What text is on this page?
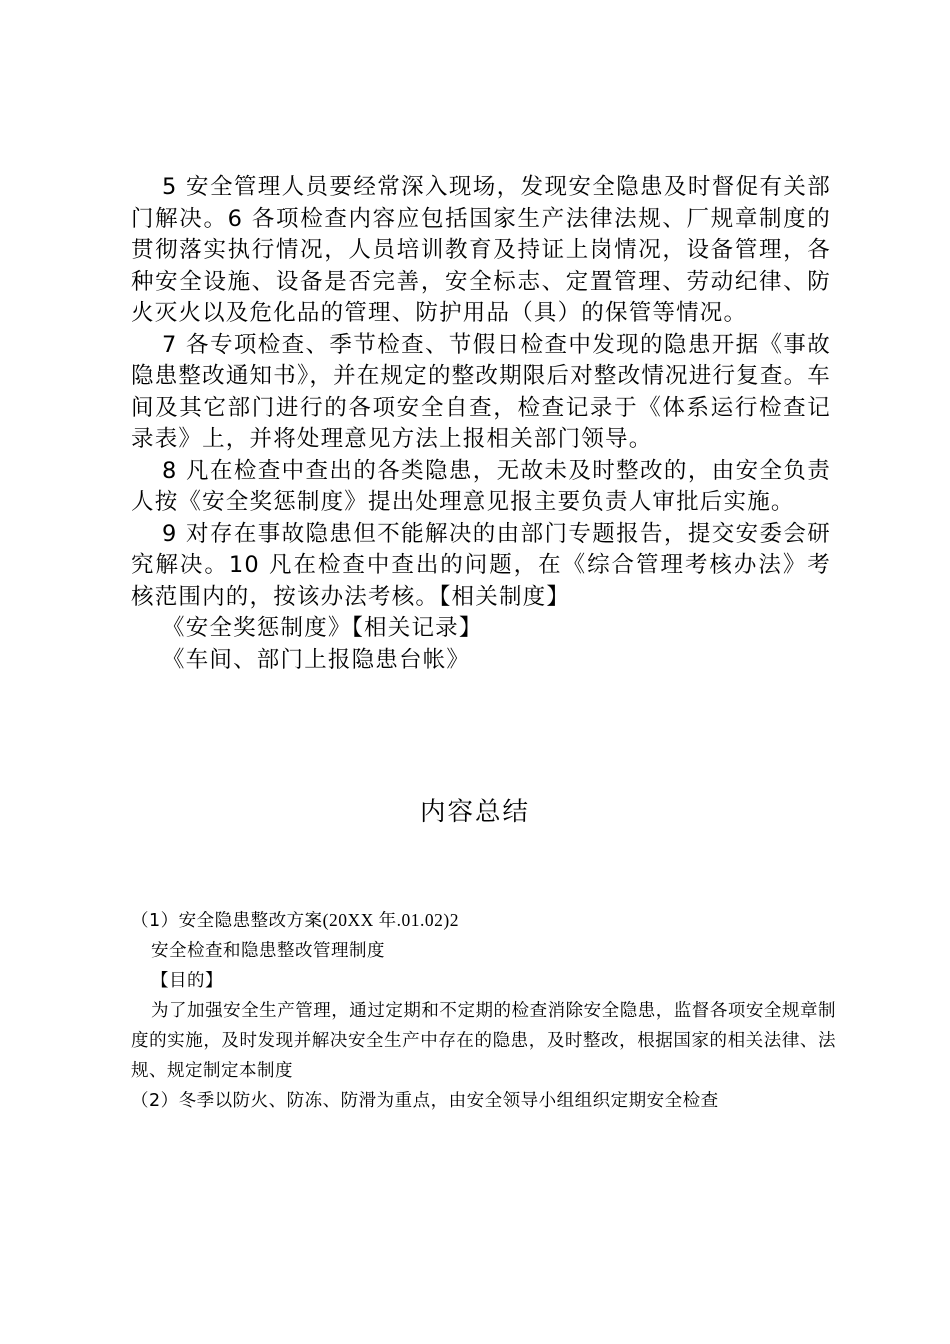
5 安全管理人员要经常深入现场，发现安全隐患及时督促有关部门解决。6 各项检查内容应包括国家生产法律法规、厂规章制度的贯彻落实执行情况，人员培训教育及持证上岗情况，设备管理，各种安全设施、设备是否完善，安全标志、定置管理、劳动纪律、防火灭火以及危化品的管理、防护用品（具）的保管等情况。

7 各专项检查、季节检查、节假日检查中发现的隐患开据《事故隐患整改通知书》，并在规定的整改期限后对整改情况进行复查。车间及其它部门进行的各项安全自查，检查记录于《体系运行检查记录表》上，并将处理意见方法上报相关部门领导。

8 凡在检查中查出的各类隐患，无故未及时整改的，由安全负责人按《安全奖惩制度》提出处理意见报主要负责人审批后实施。

9 对存在事故隐患但不能解决的由部门专题报告，提交安委会研究解决。10 凡在检查中查出的问题，在《综合管理考核办法》考核范围内的，按该办法考核。【相关制度】

《安全奖惩制度》【相关记录】

《车间、部门上报隐患台帐》

内容总结

（1）安全隐患整改方案(20XX 年.01.02)2

安全检查和隐患整改管理制度

【目的】

为了加强安全生产管理，通过定期和不定期的检查消除安全隐患，监督各项安全规章制度的实施，及时发现并解决安全生产中存在的隐患，及时整改，根据国家的相关法律、法规、规定制定本制度

（2）冬季以防火、防冻、防滑为重点，由安全领导小组组织定期安全检查
